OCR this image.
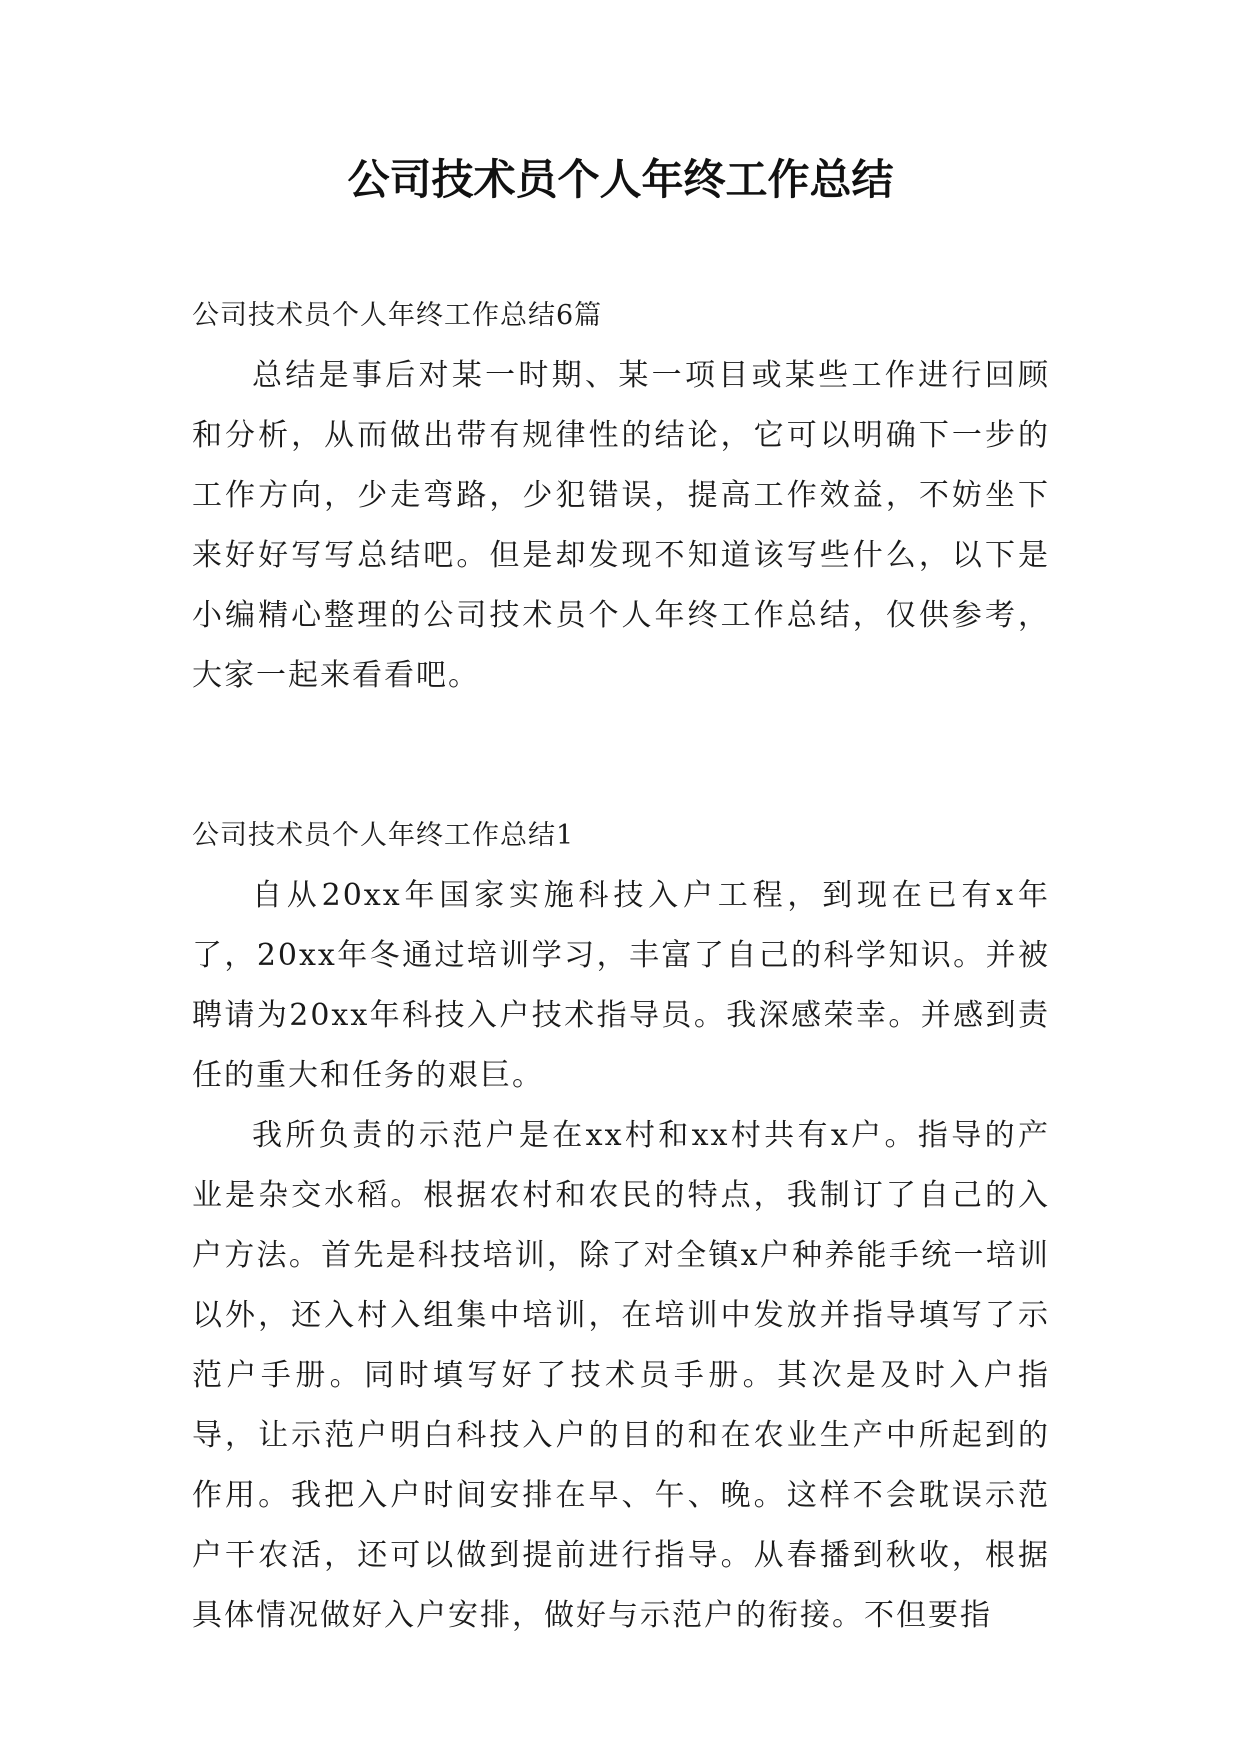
公司技术员个人年终工作总结

公司技术员个人年终工作总结6篇

总结是事后对某一时期、某一项目或某些工作进行回顾和分析，从而做出带有规律性的结论，它可以明确下一步的工作方向，少走弯路，少犯错误，提高工作效益，不妨坐下来好好写写总结吧。但是却发现不知道该写些什么，以下是小编精心整理的公司技术员个人年终工作总结，仅供参考，大家一起来看看吧。

公司技术员个人年终工作总结1

自从20xx年国家实施科技入户工程，到现在已有x年了，20xx年冬通过培训学习，丰富了自己的科学知识。并被聘请为20xx年科技入户技术指导员。我深感荣幸。并感到责任的重大和任务的艰巨。

我所负责的示范户是在xx村和xx村共有x户。指导的产业是杂交水稻。根据农村和农民的特点，我制订了自己的入户方法。首先是科技培训，除了对全镇x户种养能手统一培训以外，还入村入组集中培训，在培训中发放并指导填写了示范户手册。同时填写好了技术员手册。其次是及时入户指导，让示范户明白科技入户的目的和在农业生产中所起到的作用。我把入户时间安排在早、午、晚。这样不会耽误示范户干农活，还可以做到提前进行指导。从春播到秋收，根据具体情况做好入户安排，做好与示范户的衔接。不但要指
